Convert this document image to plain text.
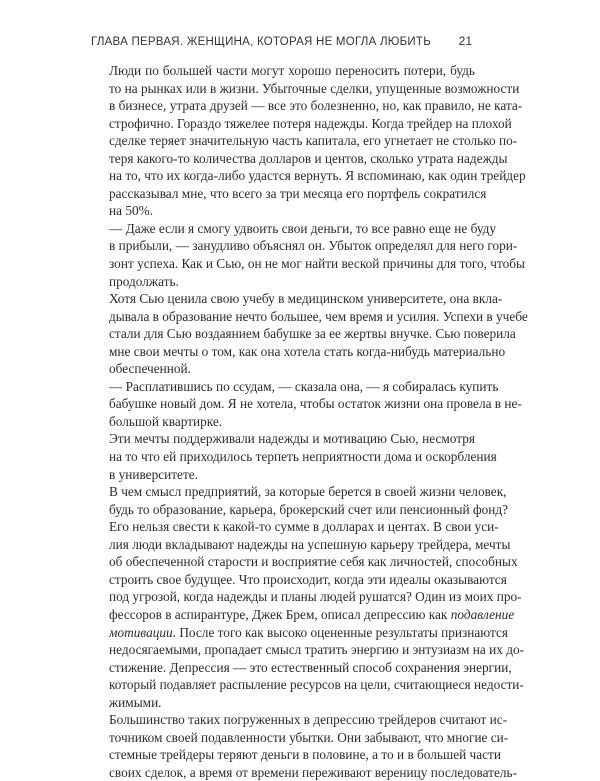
ГЛАВА ПЕРВАЯ. ЖЕНЩИНА, КОТОРАЯ НЕ МОГЛА ЛЮБИТЬ 21

Люди по большей части могут хорошо переносить потери, будь
то на рынках или в жизни. Убыточные сделки, упущенные возможности
в бизнесе, утрата друзей — все это болезненно, но, как правило, не ката-
строфично. Гораздо тяжелее потеря надежды. Когда трейдер на плохой
сделке теряет значительную часть капитала, его угнетает не столько по-
теря какого-то количества долларов и центов, сколько утрата надежды
на то, что их когда-либо удастся вернуть. Я вспоминаю, как один трейдер
рассказывал мне, что всего за три месяца его портфель сократился
на 50%.

— Даже если я смогу удвоить свои деньги, то все равно еще не буду
в прибыли, — занудливо объяснял он. Убыток определял для него гори-
зонт успеха. Как и Сью, он не мог найти веской причины для того, чтобы
продолжать.

Хотя Сью ценила свою учебу в медицинском университете, она вкла-
дывала в образование нечто большее, чем время и усилия. Успехи в учебе
стали для Сью воздаянием бабушке за ее жертвы внучке. Сью поверила
мне свои мечты о том, как она хотела стать когда-нибудь материально
обеспеченной.

— Расплатившись по ссудам, — сказала она, — я собиралась купить
бабушке новый дом. Я не хотела, чтобы остаток жизни она провела в не-
большой квартирке.

Эти мечты поддерживали надежды и мотивацию Сью, несмотря
на то что ей приходилось терпеть неприятности дома и оскорбления
в университете.

В чем смысл предприятий, за которые берется в своей жизни человек,
будь то образование, карьера, брокерский счет или пенсионный фонд?
Его нельзя свести к какой-то сумме в долларах и центах. В свои уси-
лия люди вкладывают надежды на успешную карьеру трейдера, мечты
об обеспеченной старости и восприятие себя как личностей, способных
строить свое будущее. Что происходит, когда эти идеалы оказываются
под угрозой, когда надежды и планы людей рушатся? Один из моих про-
фессоров в аспирантуре, Джек Брем, описал депрессию как подавление
мотивации. После того как высоко оцененные результаты признаются
недосягаемыми, пропадает смысл тратить энергию и энтузиазм на их до-
стижение. Депрессия — это естественный способ сохранения энергии,
который подавляет распыление ресурсов на цели, считающиеся недости-
жимыми.

Большинство таких погруженных в депрессию трейдеров считают ис-
точником своей подавленности убытки. Они забывают, что многие си-
стемные трейдеры теряют деньги в половине, а то и в большей части
своих сделок, а время от времени переживают вереницу последователь-
